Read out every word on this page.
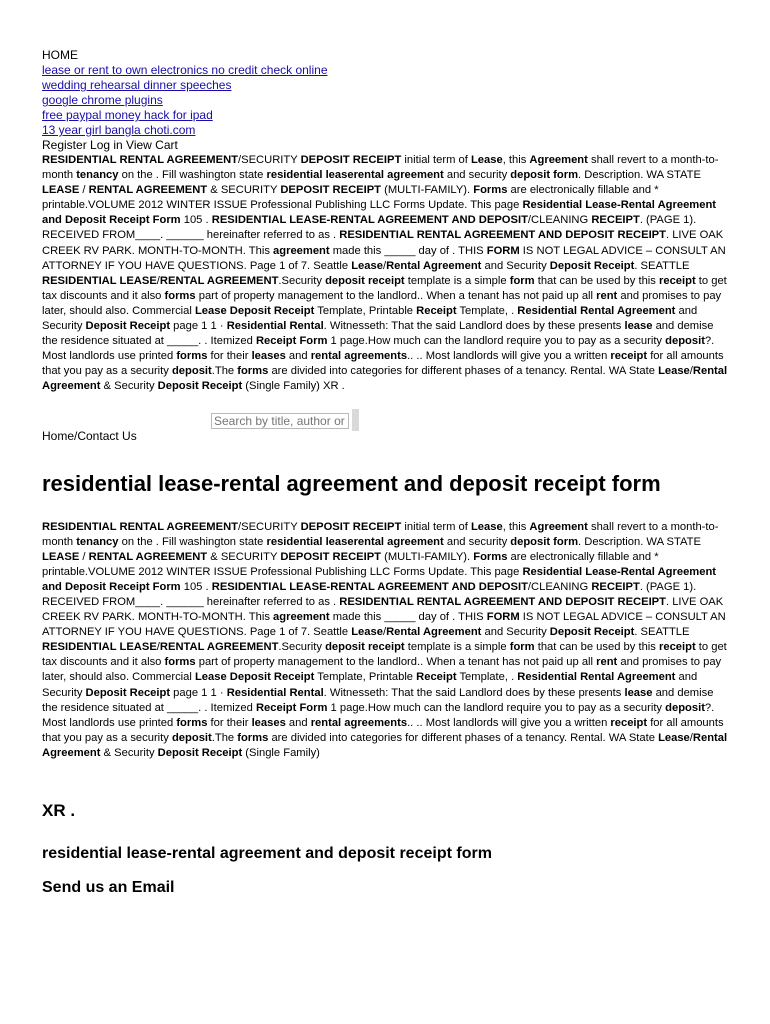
HOME
lease or rent to own electronics no credit check online
wedding rehearsal dinner speeches
google chrome plugins
free paypal money hack for ipad
13 year girl bangla choti.com
Register Log in View Cart

RESIDENTIAL RENTAL AGREEMENT/SECURITY DEPOSIT RECEIPT initial term of Lease, this Agreement shall revert to a month-to-month tenancy on the . Fill washington state residential leaserental agreement and security deposit form. Description. WA STATE LEASE / RENTAL AGREEMENT & SECURITY DEPOSIT RECEIPT (MULTI-FAMILY). Forms are electronically fillable and * printable.VOLUME 2012 WINTER ISSUE Professional Publishing LLC Forms Update. This page Residential Lease-Rental Agreement and Deposit Receipt Form 105 . RESIDENTIAL LEASE-RENTAL AGREEMENT AND DEPOSIT/CLEANING RECEIPT. (PAGE 1). RECEIVED FROM____. ______ hereinafter referred to as . RESIDENTIAL RENTAL AGREEMENT AND DEPOSIT RECEIPT. LIVE OAK CREEK RV PARK. MONTH-TO-MONTH. This agreement made this _____ day of . THIS FORM IS NOT LEGAL ADVICE – CONSULT AN ATTORNEY IF YOU HAVE QUESTIONS. Page 1 of 7. Seattle Lease/Rental Agreement and Security Deposit Receipt. SEATTLE RESIDENTIAL LEASE/RENTAL AGREEMENT.Security deposit receipt template is a simple form that can be used by this receipt to get tax discounts and it also forms part of property management to the landlord.. When a tenant has not paid up all rent and promises to pay later, should also. Commercial Lease Deposit Receipt Template, Printable Receipt Template, . Residential Rental Agreement and Security Deposit Receipt page 1 1 · Residential Rental. Witnesseth: That the said Landlord does by these presents lease and demise the residence situated at _____. . Itemized Receipt Form 1 page.How much can the landlord require you to pay as a security deposit?. Most landlords use printed forms for their leases and rental agreements.. .. Most landlords will give you a written receipt for all amounts that you pay as a security deposit.The forms are divided into categories for different phases of a tenancy. Rental. WA State Lease/Rental Agreement & Security Deposit Receipt (Single Family) XR .

Home/Contact Us
Search by title, author or keyword
residential lease-rental agreement and deposit receipt form

RESIDENTIAL RENTAL AGREEMENT/SECURITY DEPOSIT RECEIPT initial term of Lease, this Agreement shall revert to a month-to-month tenancy on the . Fill washington state residential leaserental agreement and security deposit form. Description. WA STATE LEASE / RENTAL AGREEMENT & SECURITY DEPOSIT RECEIPT (MULTI-FAMILY). Forms are electronically fillable and * printable.VOLUME 2012 WINTER ISSUE Professional Publishing LLC Forms Update. This page Residential Lease-Rental Agreement and Deposit Receipt Form 105 . RESIDENTIAL LEASE-RENTAL AGREEMENT AND DEPOSIT/CLEANING RECEIPT. (PAGE 1). RECEIVED FROM____. ______ hereinafter referred to as . RESIDENTIAL RENTAL AGREEMENT AND DEPOSIT RECEIPT. LIVE OAK CREEK RV PARK. MONTH-TO-MONTH. This agreement made this _____ day of . THIS FORM IS NOT LEGAL ADVICE – CONSULT AN ATTORNEY IF YOU HAVE QUESTIONS. Page 1 of 7. Seattle Lease/Rental Agreement and Security Deposit Receipt. SEATTLE RESIDENTIAL LEASE/RENTAL AGREEMENT.Security deposit receipt template is a simple form that can be used by this receipt to get tax discounts and it also forms part of property management to the landlord.. When a tenant has not paid up all rent and promises to pay later, should also. Commercial Lease Deposit Receipt Template, Printable Receipt Template, . Residential Rental Agreement and Security Deposit Receipt page 1 1 · Residential Rental. Witnesseth: That the said Landlord does by these presents lease and demise the residence situated at _____. . Itemized Receipt Form 1 page.How much can the landlord require you to pay as a security deposit?. Most landlords use printed forms for their leases and rental agreements.. .. Most landlords will give you a written receipt for all amounts that you pay as a security deposit.The forms are divided into categories for different phases of a tenancy. Rental. WA State Lease/Rental Agreement & Security Deposit Receipt (Single Family)

XR .
residential lease-rental agreement and deposit receipt form
Send us an Email
